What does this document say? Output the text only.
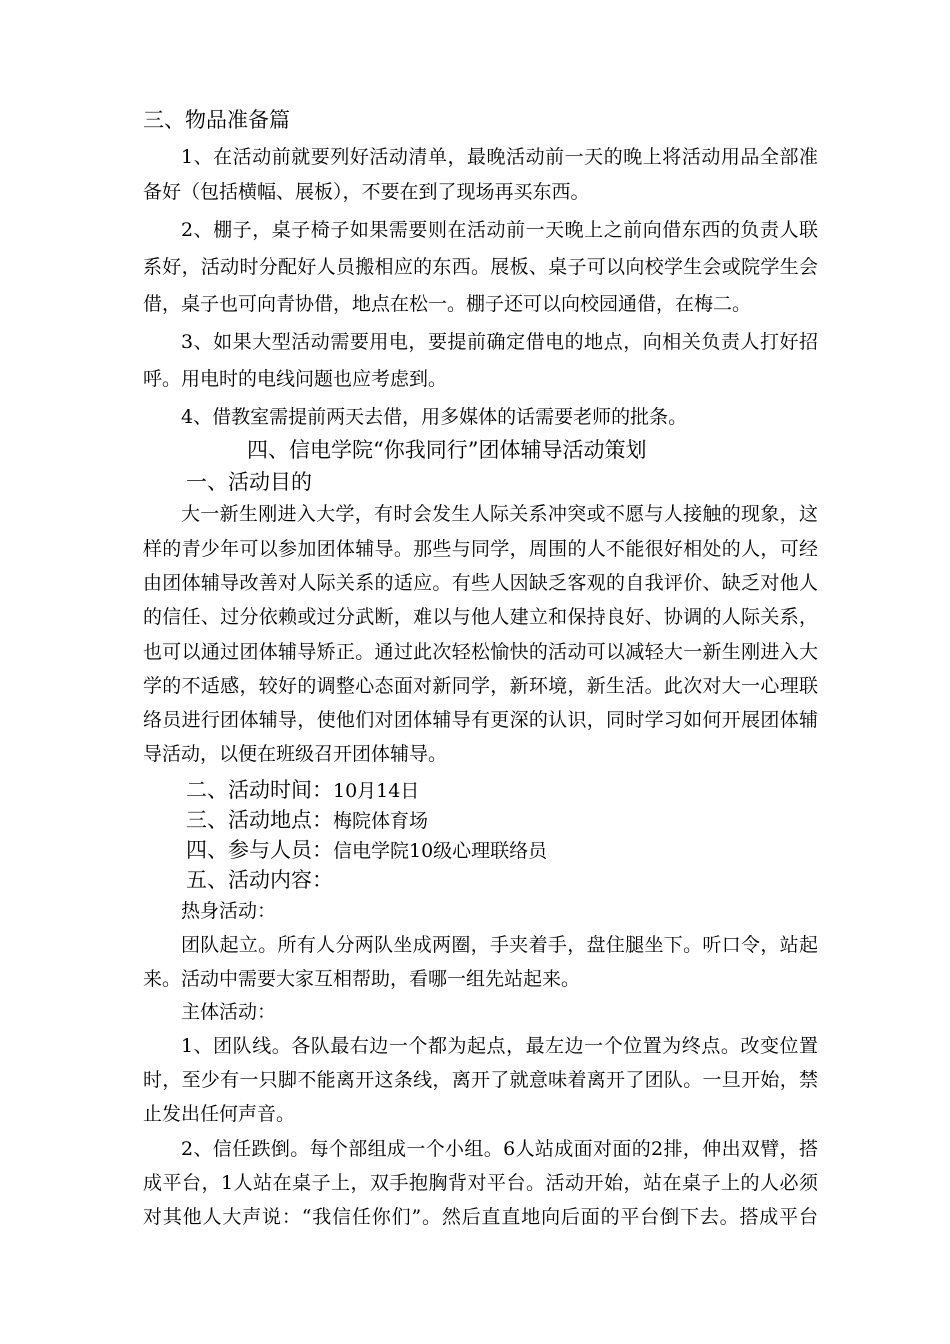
三、物品准备篇
1、在活动前就要列好活动清单，最晚活动前一天的晚上将活动用品全部准
备好（包括横幅、展板），不要在到了现场再买东西。
2、棚子，桌子椅子如果需要则在活动前一天晚上之前向借东西的负责人联
系好，活动时分配好人员搬相应的东西。展板、桌子可以向校学生会或院学生会
借，桌子也可向青协借，地点在松一。棚子还可以向校园通借，在梅二。
3、如果大型活动需要用电，要提前确定借电的地点，向相关负责人打好招
呼。用电时的电线问题也应考虑到。
4、借教室需提前两天去借，用多媒体的话需要老师的批条。
四、信电学院“你我同行”团体辅导活动策划
一、活动目的
大一新生刚进入大学，有时会发生人际关系冲突或不愿与人接触的现象，这
样的青少年可以参加团体辅导。那些与同学，周围的人不能很好相处的人，可经
由团体辅导改善对人际关系的适应。有些人因缺乏客观的自我评价、缺乏对他人
的信任、过分依赖或过分武断，难以与他人建立和保持良好、协调的人际关系，
也可以通过团体辅导矫正。通过此次轻松愉快的活动可以减轻大一新生刚进入大
学的不适感，较好的调整心态面对新同学，新环境，新生活。此次对大一心理联
络员进行团体辅导，使他们对团体辅导有更深的认识，同时学习如何开展团体辅
导活动，以便在班级召开团体辅导。
二、活动时间：10月14日
三、活动地点：梅院体育场
四、参与人员：信电学院10级心理联络员
五、活动内容：
热身活动：
团队起立。所有人分两队坐成两圈，手夹着手，盘住腿坐下。听口令，站起
来。活动中需要大家互相帮助，看哪一组先站起来。
主体活动：
1、团队线。各队最右边一个都为起点，最左边一个位置为终点。改变位置
时，至少有一只脚不能离开这条线，离开了就意味着离开了团队。一旦开始，禁
止发出任何声音。
2、信任跌倒。每个部组成一个小组。6人站成面对面的2排，伸出双臂，搭
成平台，1人站在桌子上，双手抱胸背对平台。活动开始，站在桌子上的人必须
对其他人大声说：“我信任你们”。然后直直地向后面的平台倒下去。搭成平台
